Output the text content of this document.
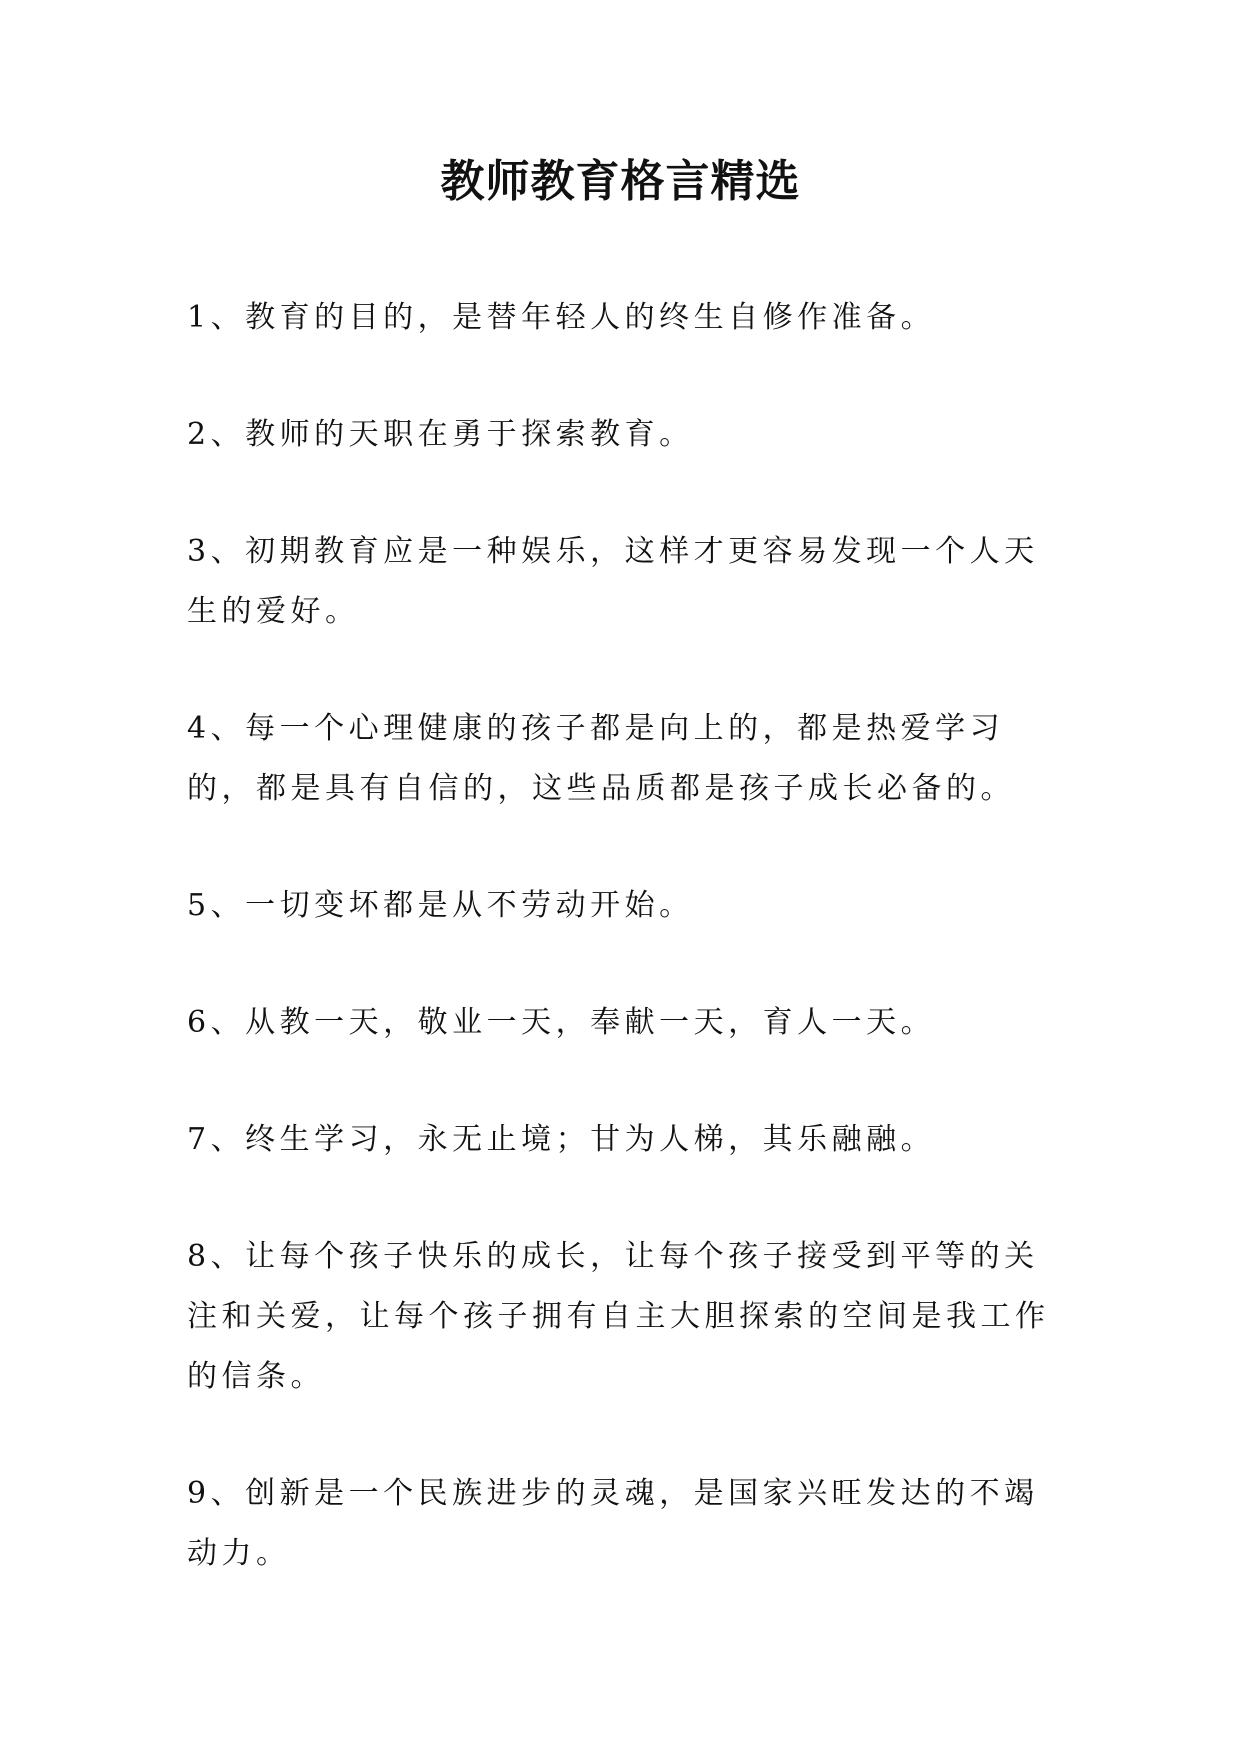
教师教育格言精选
1、教育的目的，是替年轻人的终生自修作准备。
2、教师的天职在勇于探索教育。
3、初期教育应是一种娱乐，这样才更容易发现一个人天生的爱好。
4、每一个心理健康的孩子都是向上的，都是热爱学习的，都是具有自信的，这些品质都是孩子成长必备的。
5、一切变坏都是从不劳动开始。
6、从教一天，敬业一天，奉献一天，育人一天。
7、终生学习，永无止境；甘为人梯，其乐融融。
8、让每个孩子快乐的成长，让每个孩子接受到平等的关注和关爱，让每个孩子拥有自主大胆探索的空间是我工作的信条。
9、创新是一个民族进步的灵魂，是国家兴旺发达的不竭动力。
